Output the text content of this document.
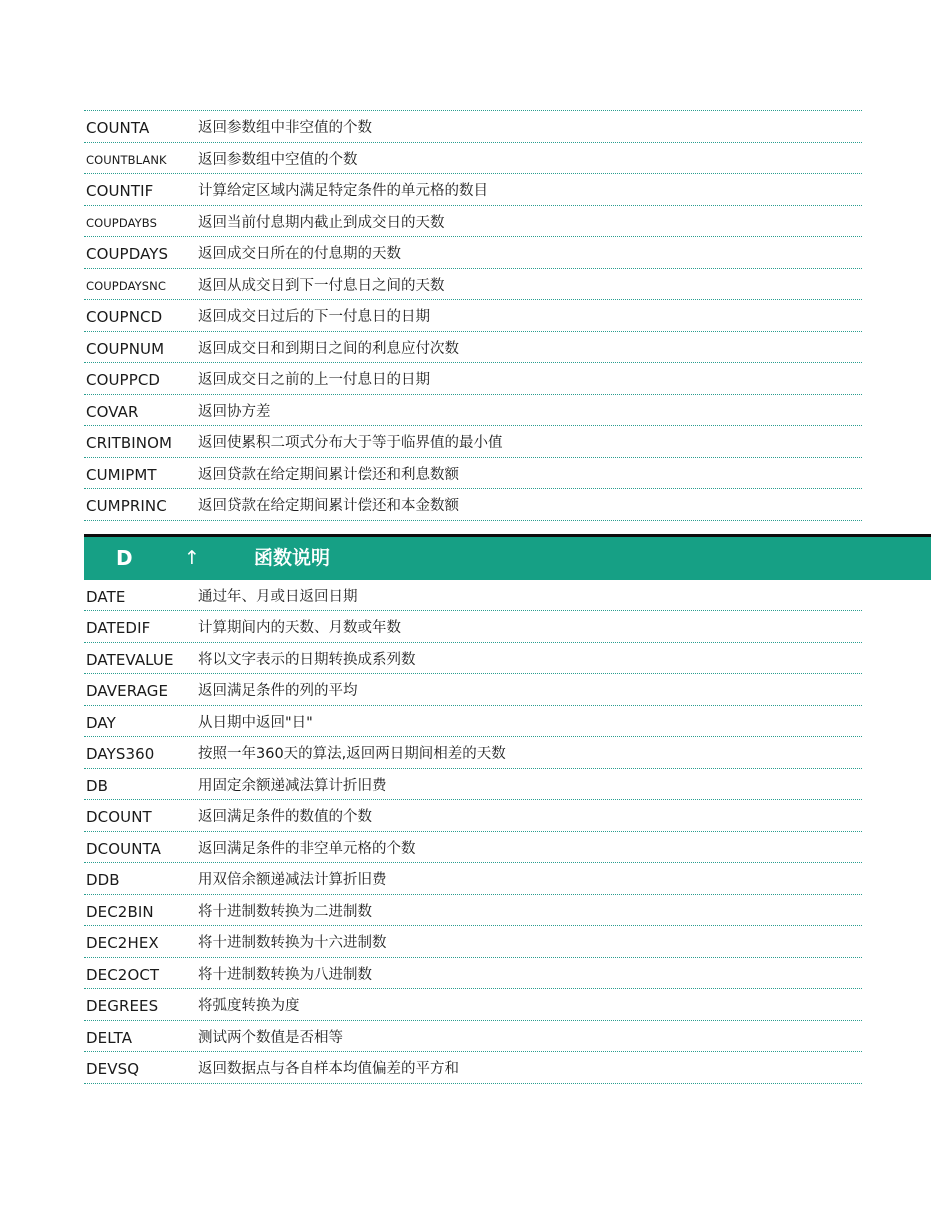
COUNTA	返回参数组中非空值的个数
COUNTBLANK 返回参数组中空值的个数
COUNTIF	计算给定区域内满足特定条件的单元格的数目
COUPDAYBS	返回当前付息期内截止到成交日的天数
COUPDAYS 返回成交日所在的付息期的天数
COUPDAYSNC 返回从成交日到下一付息日之间的天数
COUPNCD 返回成交日过后的下一付息日的日期
COUPNUM 返回成交日和到期日之间的利息应付次数
COUPPCD	返回成交日之前的上一付息日的日期
COVAR	返回协方差
CRITBINOM 返回使累积二项式分布大于等于临界值的最小值
CUMIPMT	返回贷款在给定期间累计偿还和利息数额
CUMPRINC 返回贷款在给定期间累计偿还和本金数额
D	↑	函数说明
DATE	通过年、月或日返回日期
DATEDIF	计算期间内的天数、月数或年数
DATEVALUE 将以文字表示的日期转换成系列数
DAVERAGE 返回满足条件的列的平均
DAY	从日期中返回"日"
DAYS360	按照一年360天的算法,返回两日期间相差的天数
DB	用固定余额递减法算计折旧费
DCOUNT	返回满足条件的数值的个数
DCOUNTA	返回满足条件的非空单元格的个数
DDB	用双倍余额递减法计算折旧费
DEC2BIN	将十进制数转换为二进制数
DEC2HEX	将十进制数转换为十六进制数
DEC2OCT	将十进制数转换为八进制数
DEGREES	将弧度转换为度
DELTA	测试两个数值是否相等
DEVSQ	返回数据点与各自样本均值偏差的平方和
